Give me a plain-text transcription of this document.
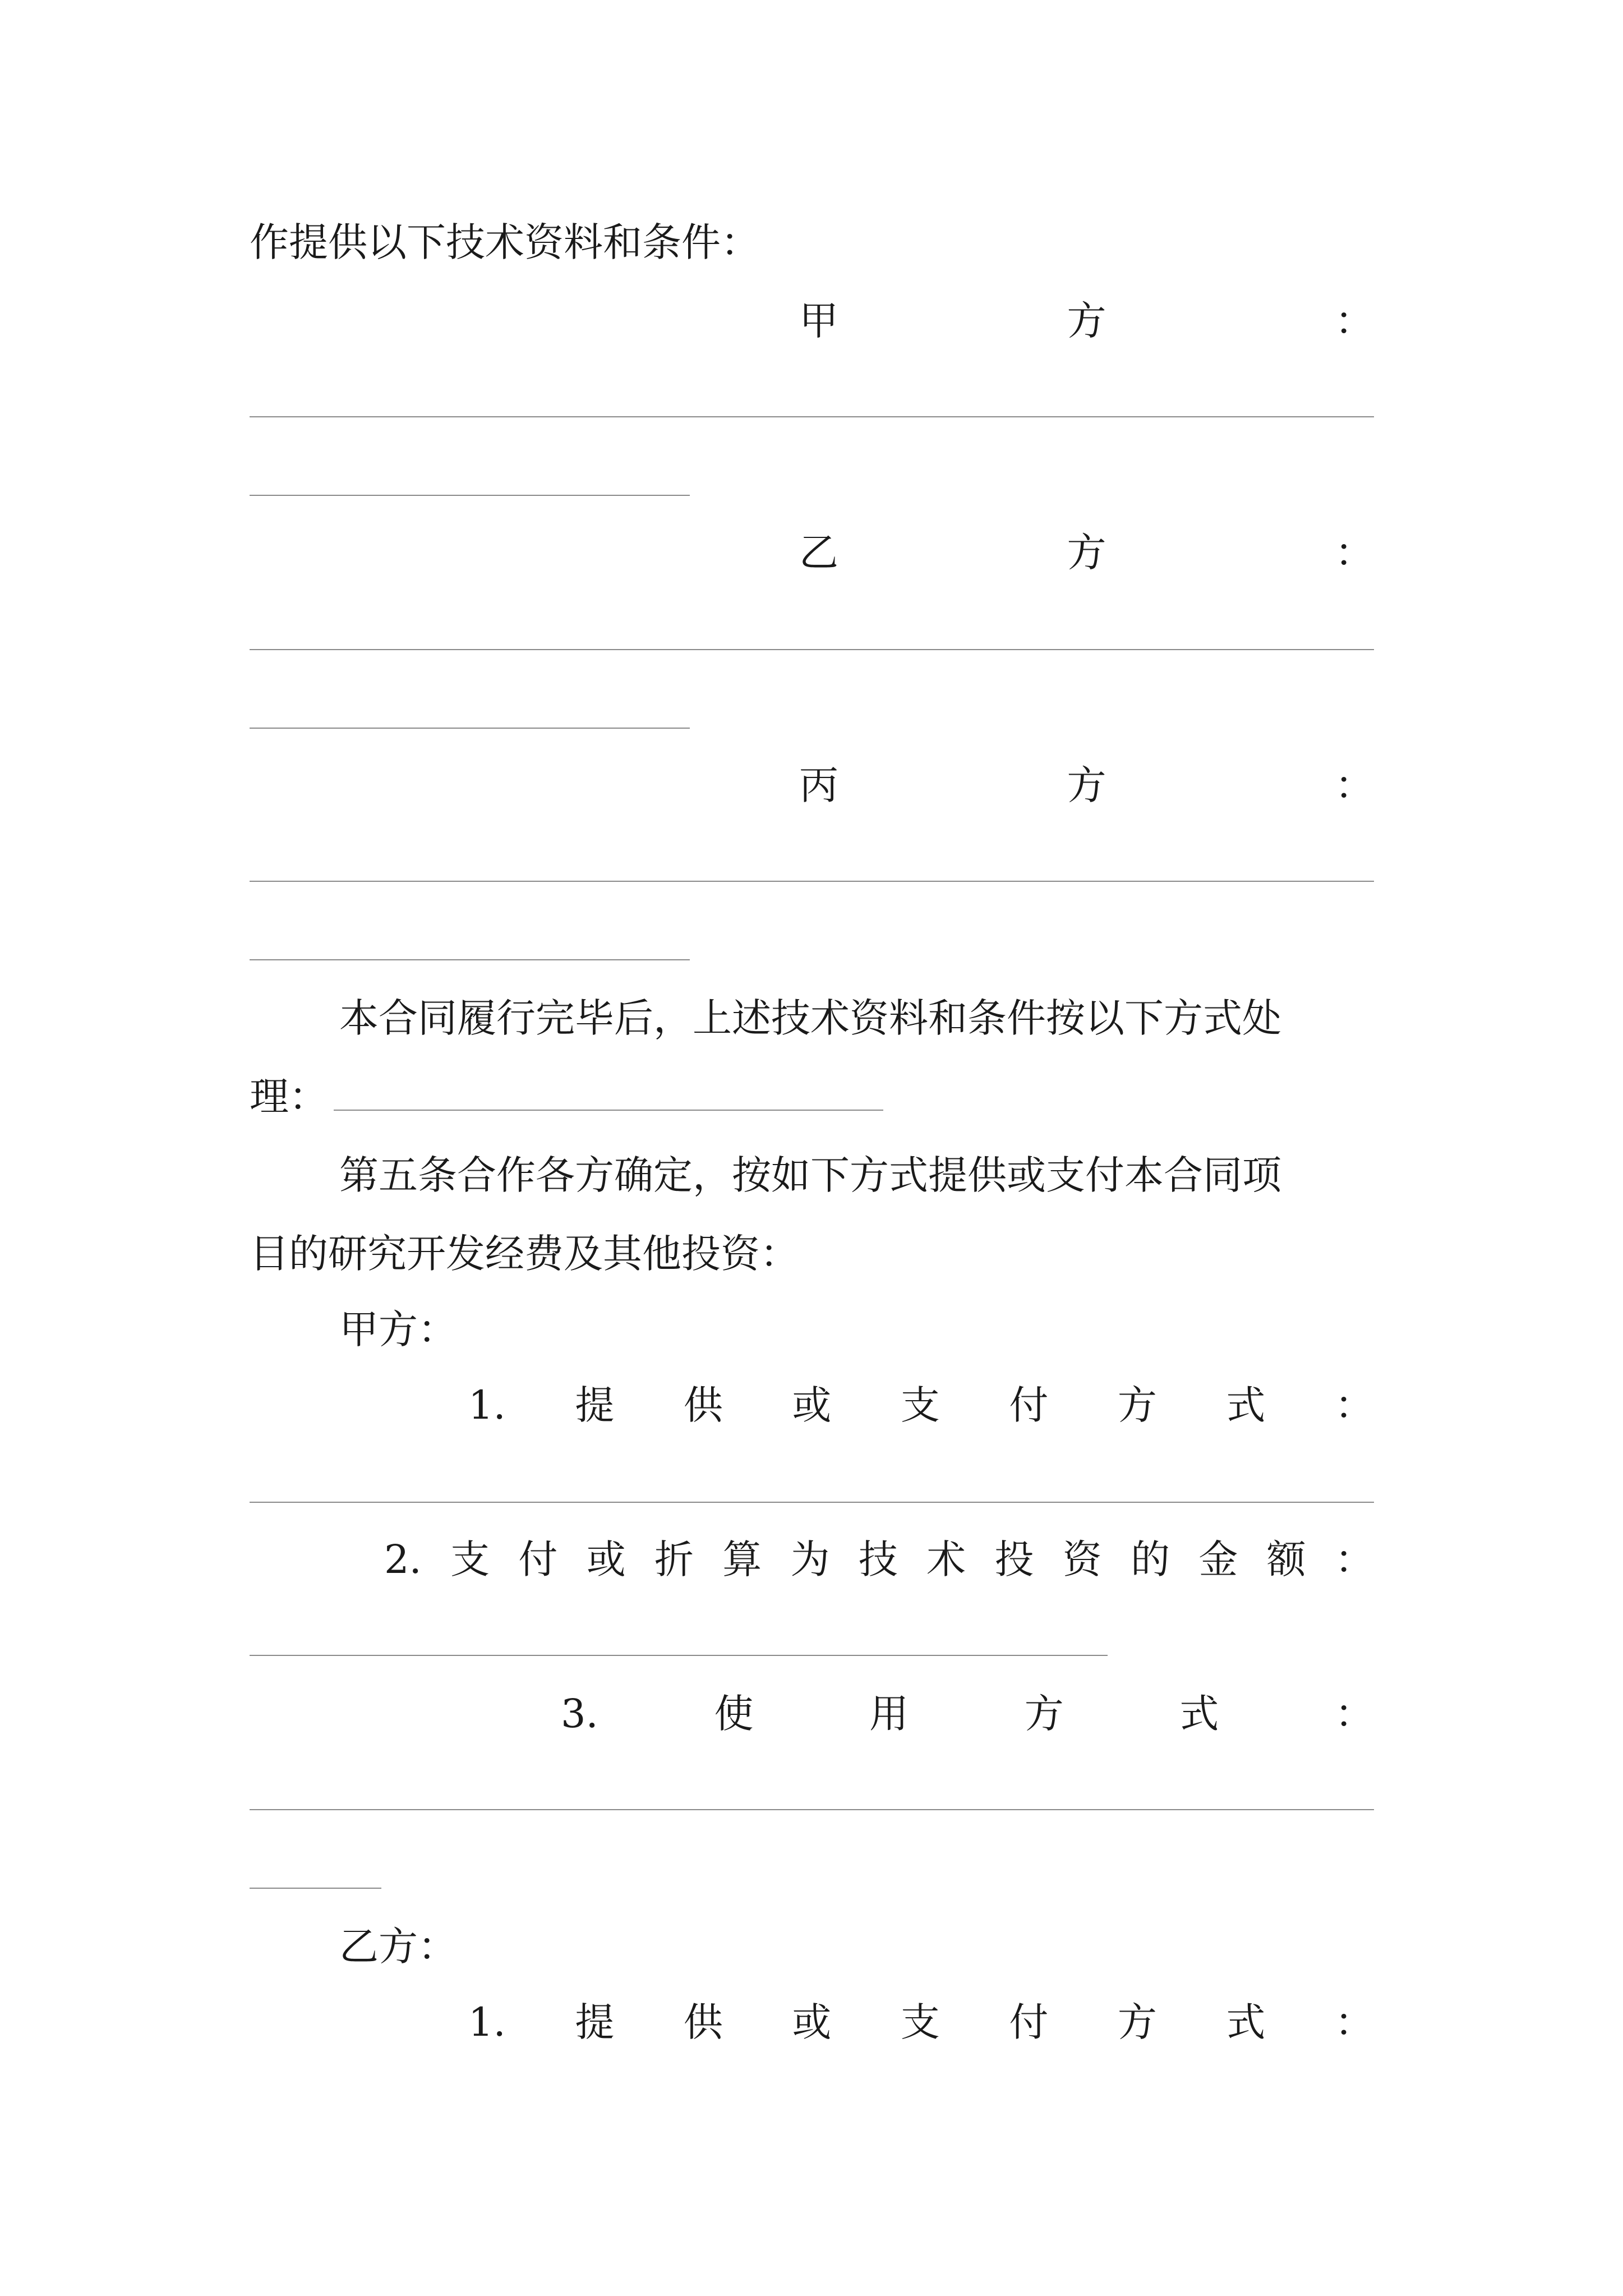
作提供以下技术资料和条件：

甲	方	：
乙	方	：
丙	方	：

本合同履行完毕后，上述技术资料和条件按以下方式处

理：

第五条合作各方确定，按如下方式提供或支付本合同项

目的研究开发经费及其他投资：

甲方：

1. 提 供 或 支 付 方 式 ：
2. 支 付 或 折 算 为 技 术 投 资 的 金 额 ：
3.	使	用	方	式	：

乙方：

1. 提 供 或 支 付 方 式 ：
